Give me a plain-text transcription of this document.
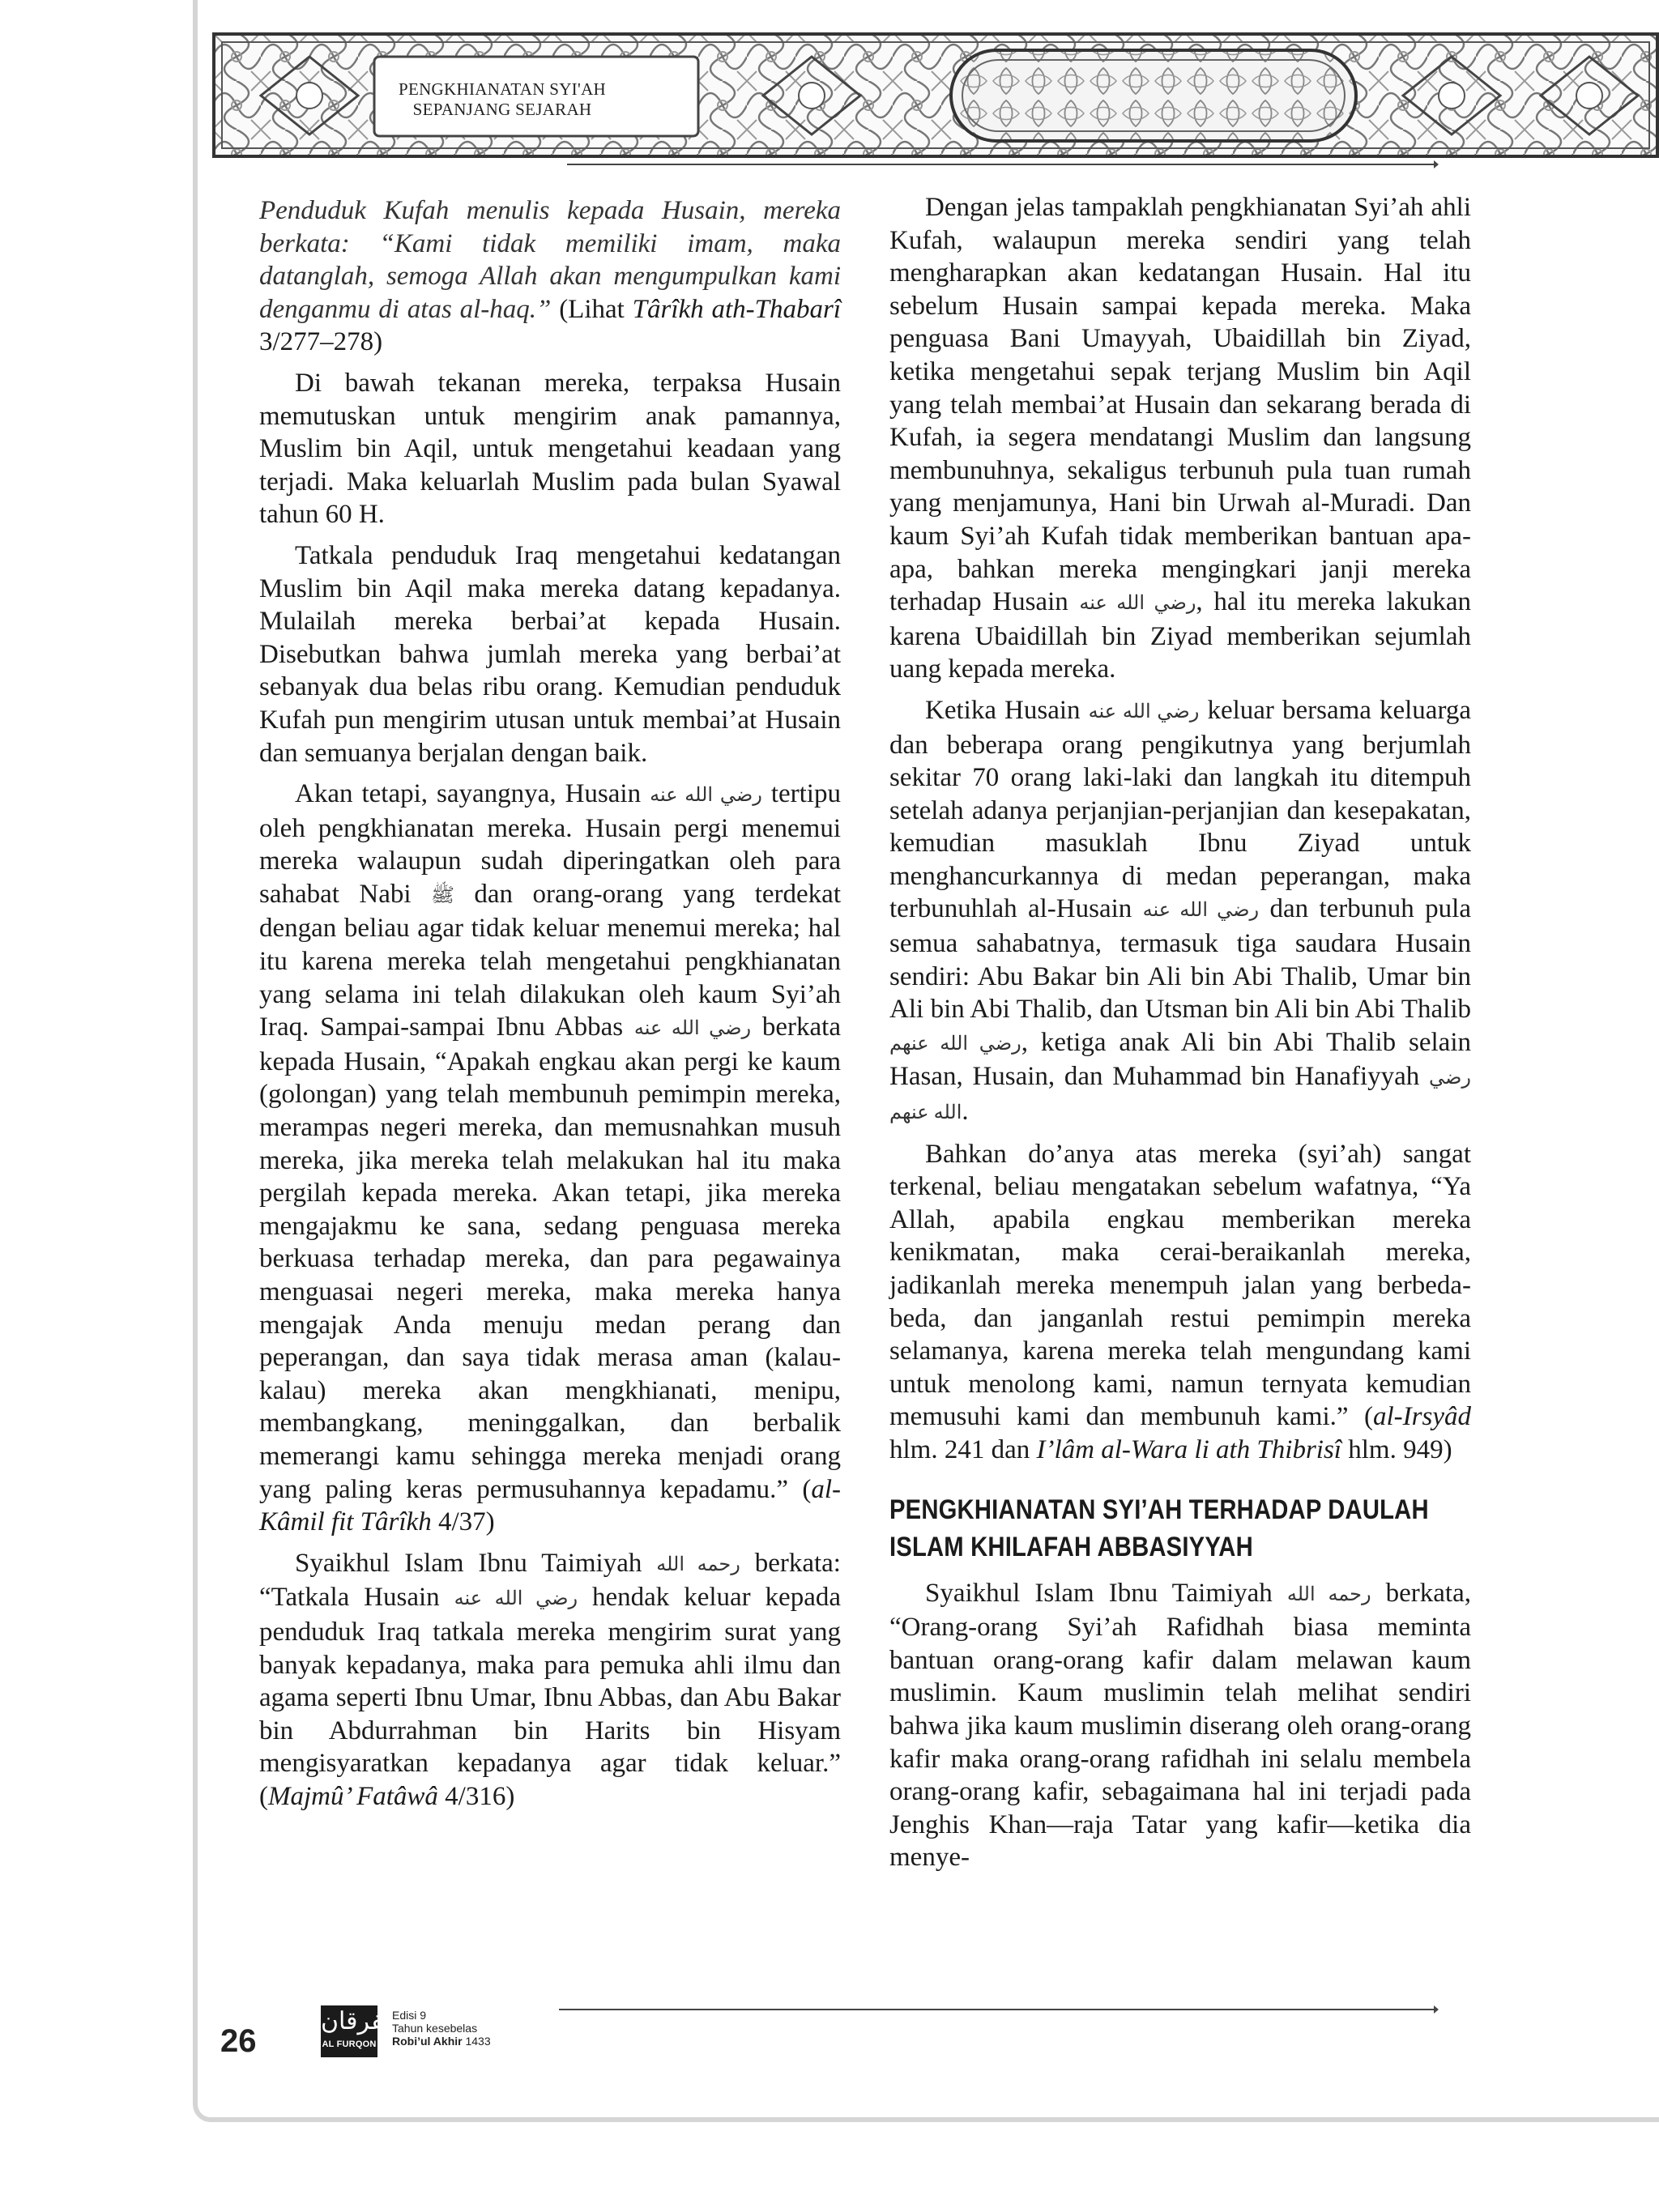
PENGKHIANATAN SYI'AH
SEPANJANG SEJARAH

Penduduk Kufah menulis kepada Husain, mereka berkata: “Kami tidak memiliki imam, maka datanglah, semoga Allah akan mengumpulkan kami denganmu di atas al-haq.” (Lihat Târîkh ath-Thabarî 3/277–278)

Di bawah tekanan mereka, terpaksa Husain memutuskan untuk mengirim anak pamannya, Muslim bin Aqil, untuk mengetahui keadaan yang terjadi. Maka keluarlah Muslim pada bulan Syawal tahun 60 H.

Tatkala penduduk Iraq mengetahui kedatangan Muslim bin Aqil maka mereka datang kepadanya. Mulailah mereka berbai’at kepada Husain. Disebutkan bahwa jumlah mereka yang berbai’at sebanyak dua belas ribu orang. Kemudian penduduk Kufah pun mengirim utusan untuk membai’at Husain dan semuanya berjalan dengan baik.

Akan tetapi, sayangnya, Husain رضي الله عنه tertipu oleh pengkhianatan mereka. Husain pergi menemui mereka walaupun sudah diperingatkan oleh para sahabat Nabi ﷺ dan orang-orang yang terdekat dengan beliau agar tidak keluar menemui mereka; hal itu karena mereka telah mengetahui pengkhianatan yang selama ini telah dilakukan oleh kaum Syi’ah Iraq. Sampai-sampai Ibnu Abbas رضي الله عنه berkata kepada Husain, “Apakah engkau akan pergi ke kaum (golongan) yang telah membunuh pemimpin mereka, merampas negeri mereka, dan memusnahkan musuh mereka, jika mereka telah melakukan hal itu maka pergilah kepada mereka. Akan tetapi, jika mereka mengajakmu ke sana, sedang penguasa mereka berkuasa terhadap mereka, dan para pegawainya menguasai negeri mereka, maka mereka hanya mengajak Anda menuju medan perang dan peperangan, dan saya tidak merasa aman (kalau-kalau) mereka akan mengkhianati, menipu, membangkang, meninggalkan, dan berbalik memerangi kamu sehingga mereka menjadi orang yang paling keras permusuhannya kepadamu.” (al-Kâmil fit Târîkh 4/37)

Syaikhul Islam Ibnu Taimiyah رحمه الله berkata: “Tatkala Husain رضي الله عنه hendak keluar kepada penduduk Iraq tatkala mereka mengirim surat yang banyak kepadanya, maka para pemuka ahli ilmu dan agama seperti Ibnu Umar, Ibnu Abbas, dan Abu Bakar bin Abdurrahman bin Harits bin Hisyam mengisyaratkan kepadanya agar tidak keluar.” (Majmû’ Fatâwâ 4/316)

Dengan jelas tampaklah pengkhianatan Syi’ah ahli Kufah, walaupun mereka sendiri yang telah mengharapkan akan kedatangan Husain. Hal itu sebelum Husain sampai kepada mereka. Maka penguasa Bani Umayyah, Ubaidillah bin Ziyad, ketika mengetahui sepak terjang Muslim bin Aqil yang telah membai’at Husain dan sekarang berada di Kufah, ia segera mendatangi Muslim dan langsung membunuhnya, sekaligus terbunuh pula tuan rumah yang menjamunya, Hani bin Urwah al-Muradi. Dan kaum Syi’ah Kufah tidak memberikan bantuan apa-apa, bahkan mereka mengingkari janji mereka terhadap Husain رضي الله عنه, hal itu mereka lakukan karena Ubaidillah bin Ziyad memberikan sejumlah uang kepada mereka.

Ketika Husain رضي الله عنه keluar bersama keluarga dan beberapa orang pengikutnya yang berjumlah sekitar 70 orang laki-laki dan langkah itu ditempuh setelah adanya perjanjian-perjanjian dan kesepakatan, kemudian masuklah Ibnu Ziyad untuk menghancurkannya di medan peperangan, maka terbunuhlah al-Husain رضي الله عنه dan terbunuh pula semua sahabatnya, termasuk tiga saudara Husain sendiri: Abu Bakar bin Ali bin Abi Thalib, Umar bin Ali bin Abi Thalib, dan Utsman bin Ali bin Abi Thalib رضي الله عنهم, ketiga anak Ali bin Abi Thalib selain Hasan, Husain, dan Muhammad bin Hanafiyyah رضي الله عنهم.

Bahkan do’anya atas mereka (syi’ah) sangat terkenal, beliau mengatakan sebelum wafatnya, “Ya Allah, apabila engkau memberikan mereka kenikmatan, maka cerai-beraikanlah mereka, jadikanlah mereka menempuh jalan yang berbeda-beda, dan janganlah restui pemimpin mereka selamanya, karena mereka telah mengundang kami untuk menolong kami, namun ternyata kemudian memusuhi kami dan membunuh kami.” (al-Irsyâd hlm. 241 dan I’lâm al-Wara li ath Thibrisî hlm. 949)

PENGKHIANATAN SYI’AH TERHADAP DAULAH ISLAM KHILAFAH ABBASIYYAH

Syaikhul Islam Ibnu Taimiyah رحمه الله berkata, “Orang-orang Syi’ah Rafidhah biasa meminta bantuan orang-orang kafir dalam melawan kaum muslimin. Kaum muslimin telah melihat sendiri bahwa jika kaum muslimin diserang oleh orang-orang kafir maka orang-orang rafidhah ini selalu membela orang-orang kafir, sebagaimana hal ini terjadi pada Jenghis Khan—raja Tatar yang kafir—ketika dia menye-

26
الفرقان
AL FURQON
Edisi 9
Tahun kesebelas
Robi’ul Akhir 1433
